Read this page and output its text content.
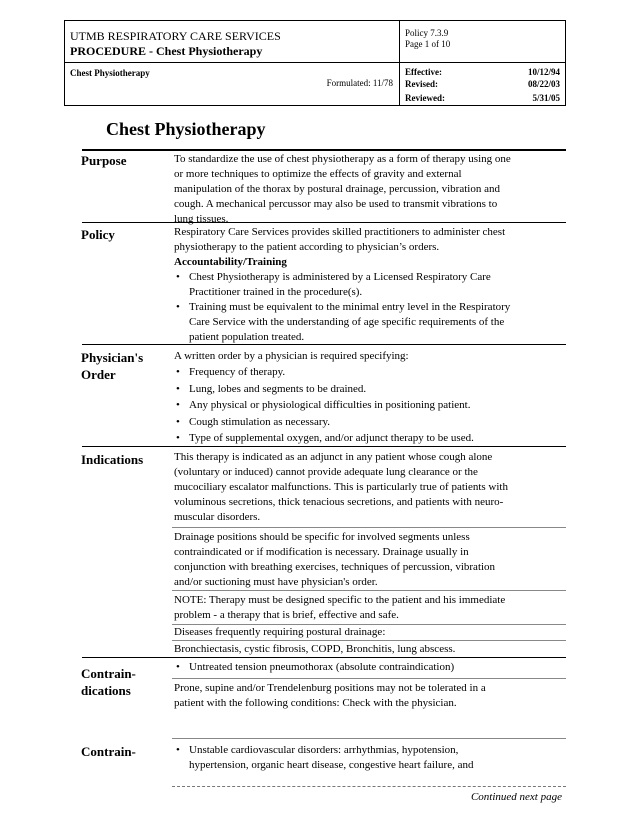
UTMB RESPIRATORY CARE SERVICES
PROCEDURE - Chest Physiotherapy
Policy 7.3.9
Page 1 of 10
Chest Physiotherapy
Formulated: 11/78
Effective:	10/12/94
Revised:	08/22/03
Reviewed:	5/31/05
Chest Physiotherapy
Purpose	To standardize the use of chest physiotherapy as a form of therapy using one

or more techniques to optimize the effects of gravity and external

manipulation of the thorax by postural drainage, percussion, vibration and

cough. A mechanical percussor may also be used to transmit vibrations to

lung tissues.

Policy	Respiratory Care Services provides skilled practitioners to administer chest

physiotherapy to the patient according to physician’s orders.

Accountability/Training

• Chest Physiotherapy is administered by a Licensed Respiratory Care

Practitioner trained in the procedure(s).

• Training must be equivalent to the minimal entry level in the Respiratory

Care Service with the understanding of age specific requirements of the

patient population treated.

Physician's
Order

A written order by a physician is required specifying:

• Frequency of therapy.

• Lung, lobes and segments to be drained.

• Any physical or physiological difficulties in positioning patient.

• Cough stimulation as necessary.

• Type of supplemental oxygen, and/or adjunct therapy to be used.

Indications	This therapy is indicated as an adjunct in any patient whose cough alone

(voluntary or induced) cannot provide adequate lung clearance or the

mucociliary escalator malfunctions. This is particularly true of patients with

voluminous secretions, thick tenacious secretions, and patients with neuro-

muscular disorders.

Drainage positions should be specific for involved segments unless

contraindicated or if modification is necessary. Drainage usually in

conjunction with breathing exercises, techniques of percussion, vibration

and/or suctioning must have physician's order.

NOTE: Therapy must be designed specific to the patient and his immediate

problem - a therapy that is brief, effective and safe.

Diseases frequently requiring postural drainage:

Bronchiectasis, cystic fibrosis, COPD, Bronchitis, lung abscess.

Contrain-
dications
• Untreated tension pneumothorax (absolute contraindication)

Prone, supine and/or Trendelenburg positions may not be tolerated in a

patient with the following conditions: Check with the physician.

Contrain-	• Unstable cardiovascular disorders: arrhythmias, hypotension,

hypertension, organic heart disease, congestive heart failure, and

Continued next page
